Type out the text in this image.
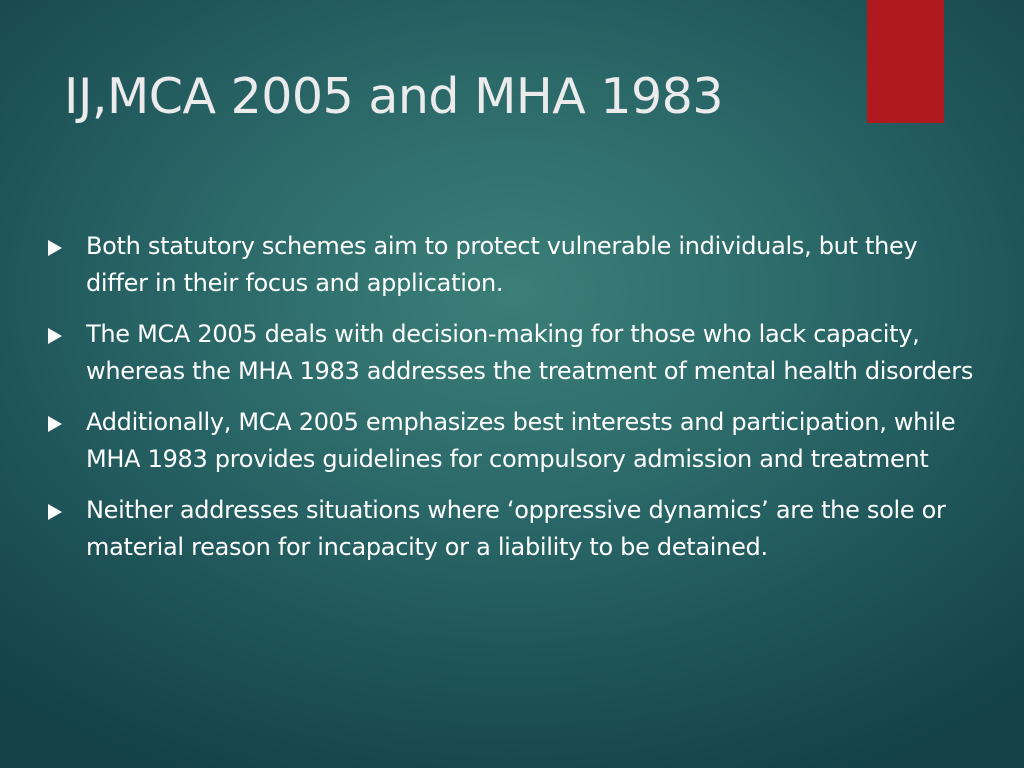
IJ,MCA 2005 and MHA 1983
Both statutory schemes aim to protect vulnerable individuals, but they differ in their focus and application.
The MCA 2005 deals with decision-making for those who lack capacity, whereas the MHA 1983 addresses the treatment of mental health disorders
Additionally, MCA 2005 emphasizes best interests and participation, while MHA 1983 provides guidelines for compulsory admission and treatment
Neither addresses situations where ‘oppressive dynamics’ are the sole or material reason for incapacity or a liability to be detained.
